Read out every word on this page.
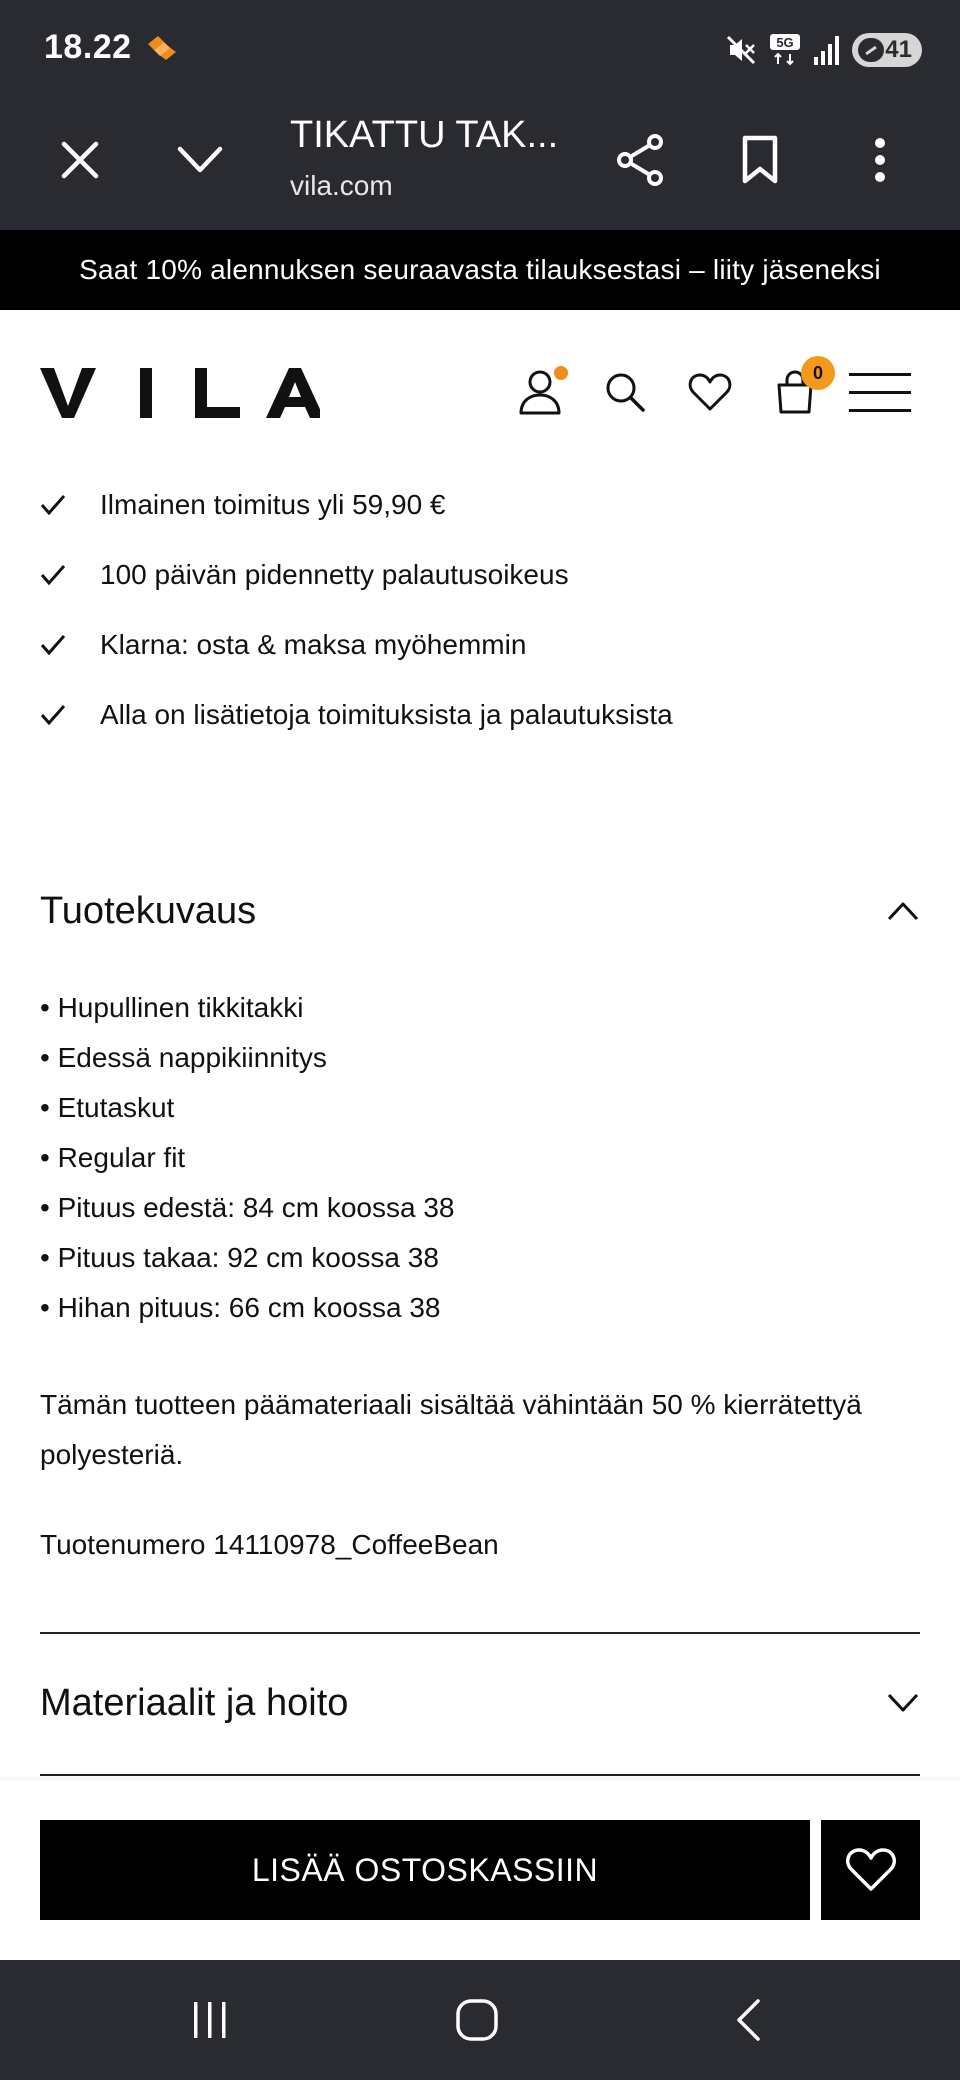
18.22	5G	41
TIKATTU TAK...
vila.com
Saat 10% alennuksen seuraavasta tilauksestasi – liity jäseneksi
0
Ilmainen toimitus yli 59,90 €
100 päivän pidennetty palautusoikeus
Klarna: osta & maksa myöhemmin
Alla on lisätietoja toimituksista ja palautuksista
Tuotekuvaus
• Hupullinen tikkitakki
• Edessä nappikiinnitys
• Etutaskut
• Regular fit
• Pituus edestä: 84 cm koossa 38
• Pituus takaa: 92 cm koossa 38
• Hihan pituus: 66 cm koossa 38

Tämän tuotteen päämateriaali sisältää vähintään 50 % kierrätettyä polyesteriä.

Tuotenumero 14110978_CoffeeBean
Materiaalit ja hoito
LISÄÄ OSTOSKASSIIN
